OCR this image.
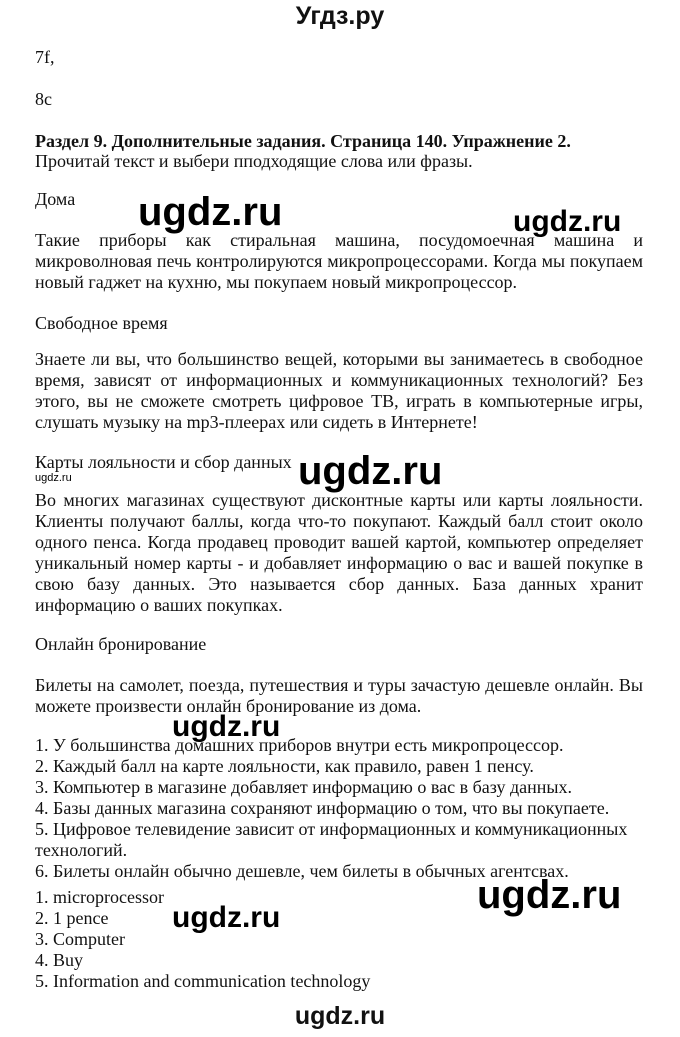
Угдз.ру

7f,

8c

Раздел 9. Дополнительные задания. Страница 140. Упражнение 2.

Прочитай текст и выбери пподходящие слова или фразы.

Дома

Такие приборы как стиральная машина, посудомоечная машина и микроволновая печь контролируются микропроцессорами. Когда мы покупаем новый гаджет на кухню, мы покупаем новый микропроцессор.

Свободное время

Знаете ли вы, что большинство вещей, которыми вы занимаетесь в свободное время, зависят от информационных и коммуникационных технологий? Без этого, вы не сможете смотреть цифровое ТВ, играть в компьютерные игры, слушать музыку на mp3-плеерах или сидеть в Интернете!

Карты лояльности и сбор данных

Во многих магазинах существуют дисконтные карты или карты лояльности. Клиенты получают баллы, когда что-то покупают. Каждый балл стоит около одного пенса. Когда продавец проводит вашей картой, компьютер определяет уникальный номер карты - и добавляет информацию о вас и вашей покупке в свою базу данных. Это называется сбор данных. База данных хранит информацию о ваших покупках.

Онлайн бронирование

Билеты на самолет, поезда, путешествия и туры зачастую дешевле онлайн. Вы можете произвести онлайн бронирование из дома.

1. У большинства домашних приборов внутри есть микропроцессор.
2. Каждый балл на карте лояльности, как правило, равен 1 пенсу.
3. Компьютер в магазине добавляет информацию о вас в базу данных.
4. Базы данных магазина сохраняют информацию о том, что вы покупаете.
5. Цифровое телевидение зависит от информационных и коммуникационных технологий.
6. Билеты онлайн обычно дешевле, чем билеты в обычных агентсвах.
1. microprocessor
2. 1 pence
3. Computer
4. Buy
5. Information and communication technology
ugdz.ru	ugdz.ru
ugdz.ru
ugdz.ru
ugdz.ru
ugdz.ru
ugdz.ru
ugdz.ru
